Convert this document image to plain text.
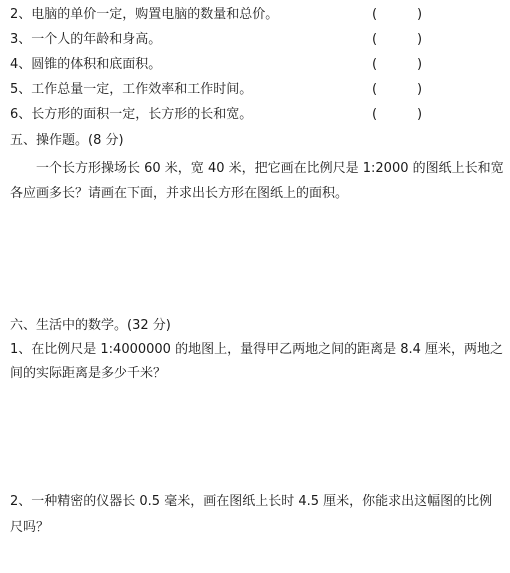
2、电脑的单价一定，购置电脑的数量和总价。	(	)
3、一个人的年龄和身高。	(	)
4、圆锥的体积和底面积。	(	)
5、工作总量一定，工作效率和工作时间。	(	)
6、长方形的面积一定，长方形的长和宽。	(	)
五、操作题。(8 分)
一个长方形操场长 60 米，宽 40 米，把它画在比例尺是 1:2000 的图纸上长和宽
各应画多长？请画在下面，并求出长方形在图纸上的面积。
六、生活中的数学。(32 分)
1、在比例尺是 1:4000000 的地图上，量得甲乙两地之间的距离是 8.4 厘米，两地之
间的实际距离是多少千米？
2、一种精密的仪器长 0.5 毫米，画在图纸上长时 4.5 厘米，你能求出这幅图的比例
尺吗？
